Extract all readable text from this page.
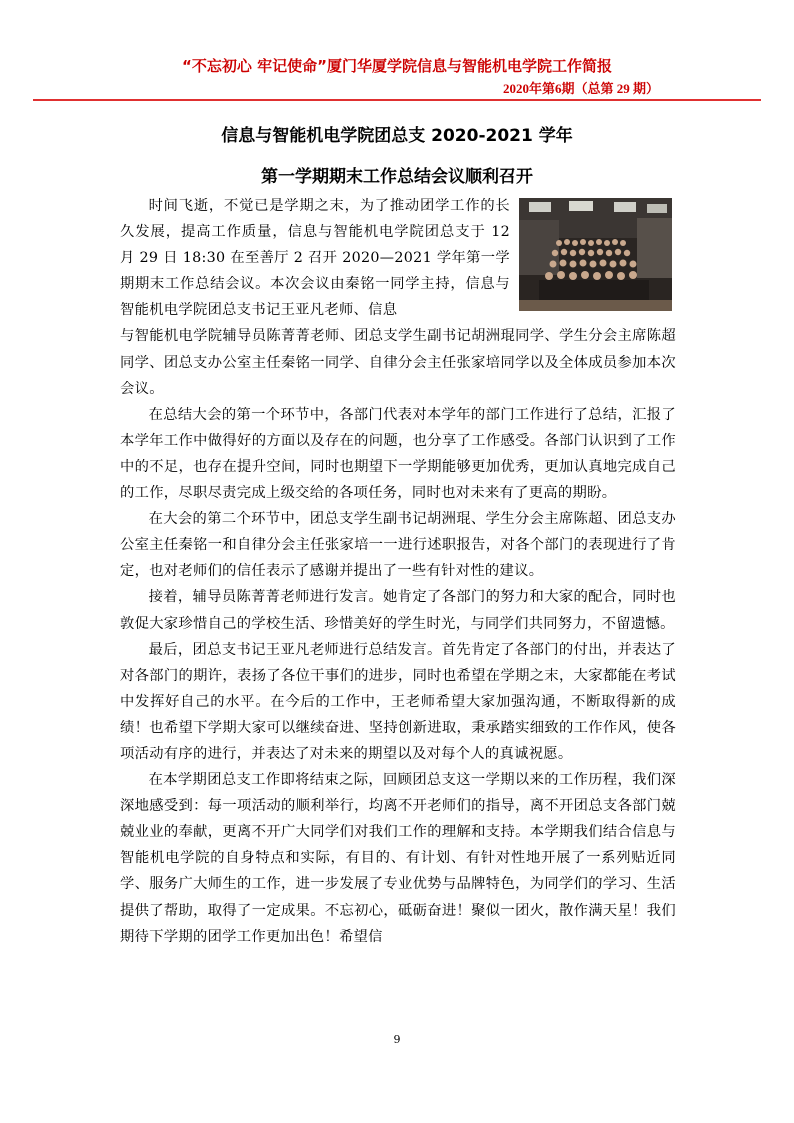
“不忘初心 牢记使命”厦门华厦学院信息与智能机电学院工作简报
2020年第6期（总第 29 期）
信息与智能机电学院团总支 2020-2021 学年
第一学期期末工作总结会议顺利召开

时间飞逝，不觉已是学期之末，为了推动团学工作的长久发展，提高工作质量，信息与智能机电学院团总支于 12 月 29 日 18:30 在至善厅 2 召开 2020—2021 学年第一学期期末工作总结会议。本次会议由秦铭一同学主持，信息与智能机电学院团总支书记王亚凡老师、信息

与智能机电学院辅导员陈菁菁老师、团总支学生副书记胡洲琨同学、学生分会主席陈超同学、团总支办公室主任秦铭一同学、自律分会主任张家培同学以及全体成员参加本次会议。

在总结大会的第一个环节中，各部门代表对本学年的部门工作进行了总结，汇报了本学年工作中做得好的方面以及存在的问题，也分享了工作感受。各部门认识到了工作中的不足，也存在提升空间，同时也期望下一学期能够更加优秀，更加认真地完成自己的工作，尽职尽责完成上级交给的各项任务，同时也对未来有了更高的期盼。

在大会的第二个环节中，团总支学生副书记胡洲琨、学生分会主席陈超、团总支办公室主任秦铭一和自律分会主任张家培一一进行述职报告，对各个部门的表现进行了肯定，也对老师们的信任表示了感谢并提出了一些有针对性的建议。

接着，辅导员陈菁菁老师进行发言。她肯定了各部门的努力和大家的配合，同时也敦促大家珍惜自己的学校生活、珍惜美好的学生时光，与同学们共同努力，不留遗憾。

最后，团总支书记王亚凡老师进行总结发言。首先肯定了各部门的付出，并表达了对各部门的期许，表扬了各位干事们的进步，同时也希望在学期之末，大家都能在考试中发挥好自己的水平。在今后的工作中，王老师希望大家加强沟通，不断取得新的成绩！也希望下学期大家可以继续奋进、坚持创新进取，秉承踏实细致的工作作风，使各项活动有序的进行，并表达了对未来的期望以及对每个人的真诚祝愿。

在本学期团总支工作即将结束之际，回顾团总支这一学期以来的工作历程，我们深深地感受到：每一项活动的顺利举行，均离不开老师们的指导，离不开团总支各部门兢兢业业的奉献，更离不开广大同学们对我们工作的理解和支持。本学期我们结合信息与智能机电学院的自身特点和实际，有目的、有计划、有针对性地开展了一系列贴近同学、服务广大师生的工作，进一步发展了专业优势与品牌特色，为同学们的学习、生活提供了帮助，取得了一定成果。不忘初心，砥砺奋进！聚似一团火，散作满天星！我们期待下学期的团学工作更加出色！希望信

9
